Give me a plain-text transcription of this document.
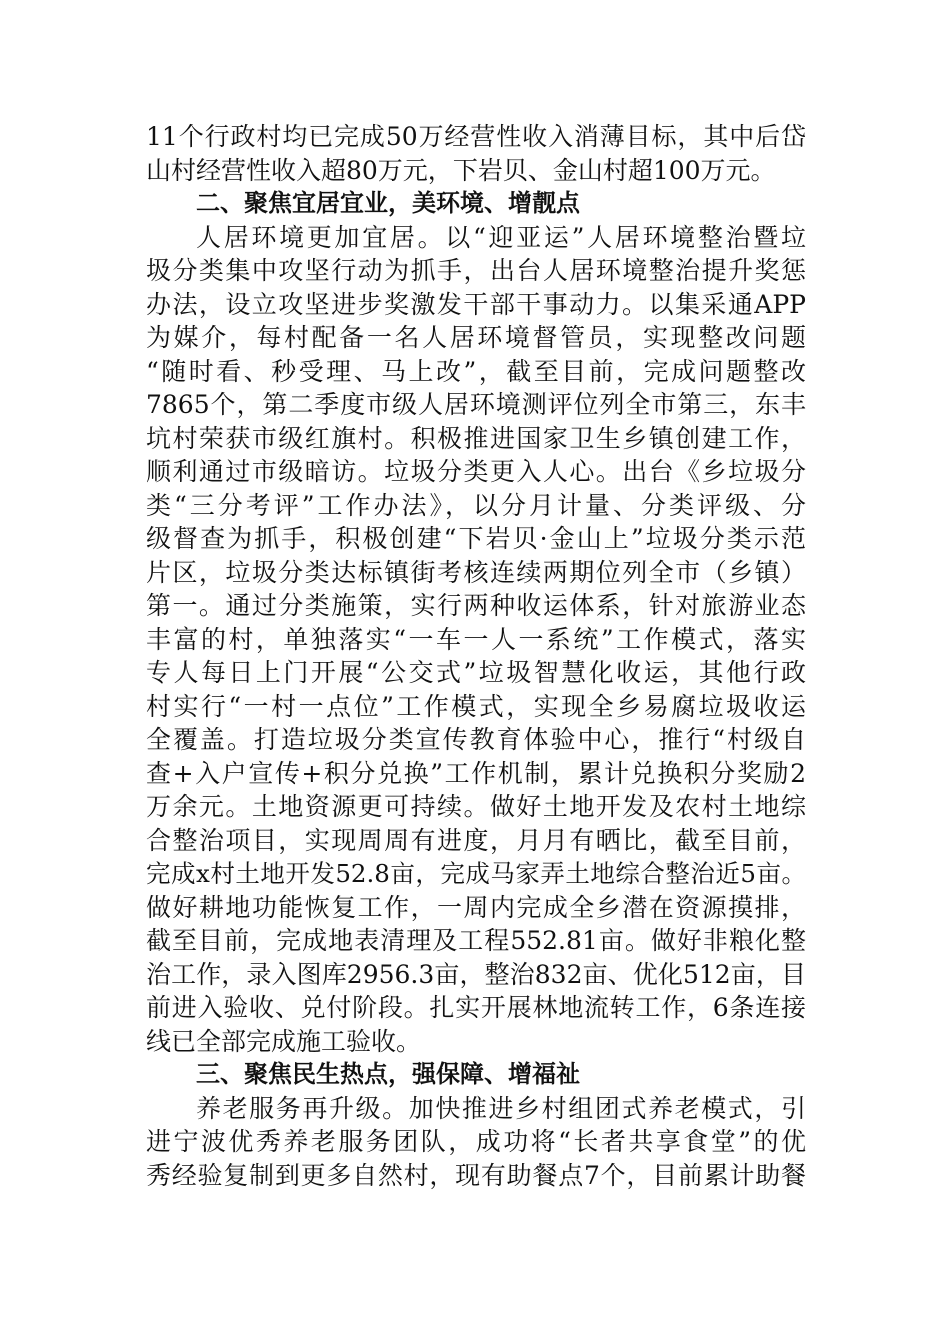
11个行政村均已完成50万经营性收入消薄目标，其中后岱
山村经营性收入超80万元，下岩贝、金山村超100万元。
二、聚焦宜居宜业，美环境、增靓点
人居环境更加宜居。以“迎亚运”人居环境整治暨垃
圾分类集中攻坚行动为抓手，出台人居环境整治提升奖惩
办法，设立攻坚进步奖激发干部干事动力。以集采通APP
为媒介，每村配备一名人居环境督管员，实现整改问题
“随时看、秒受理、马上改”，截至目前，完成问题整改
7865个，第二季度市级人居环境测评位列全市第三，东丰
坑村荣获市级红旗村。积极推进国家卫生乡镇创建工作，
顺利通过市级暗访。垃圾分类更入人心。出台《乡垃圾分
类“三分考评”工作办法》，以分月计量、分类评级、分
级督查为抓手，积极创建“下岩贝·金山上”垃圾分类示范
片区，垃圾分类达标镇街考核连续两期位列全市（乡镇）
第一。通过分类施策，实行两种收运体系，针对旅游业态
丰富的村，单独落实“一车一人一系统”工作模式，落实
专人每日上门开展“公交式”垃圾智慧化收运，其他行政
村实行“一村一点位”工作模式，实现全乡易腐垃圾收运
全覆盖。打造垃圾分类宣传教育体验中心，推行“村级自
查+入户宣传+积分兑换”工作机制，累计兑换积分奖励2
万余元。土地资源更可持续。做好土地开发及农村土地综
合整治项目，实现周周有进度，月月有晒比，截至目前，
完成x村土地开发52.8亩，完成马家弄土地综合整治近5亩。
做好耕地功能恢复工作，一周内完成全乡潜在资源摸排，
截至目前，完成地表清理及工程552.81亩。做好非粮化整
治工作，录入图库2956.3亩，整治832亩、优化512亩，目
前进入验收、兑付阶段。扎实开展林地流转工作，6条连接
线已全部完成施工验收。
三、聚焦民生热点，强保障、增福祉
养老服务再升级。加快推进乡村组团式养老模式，引
进宁波优秀养老服务团队，成功将“长者共享食堂”的优
秀经验复制到更多自然村，现有助餐点7个，目前累计助餐
